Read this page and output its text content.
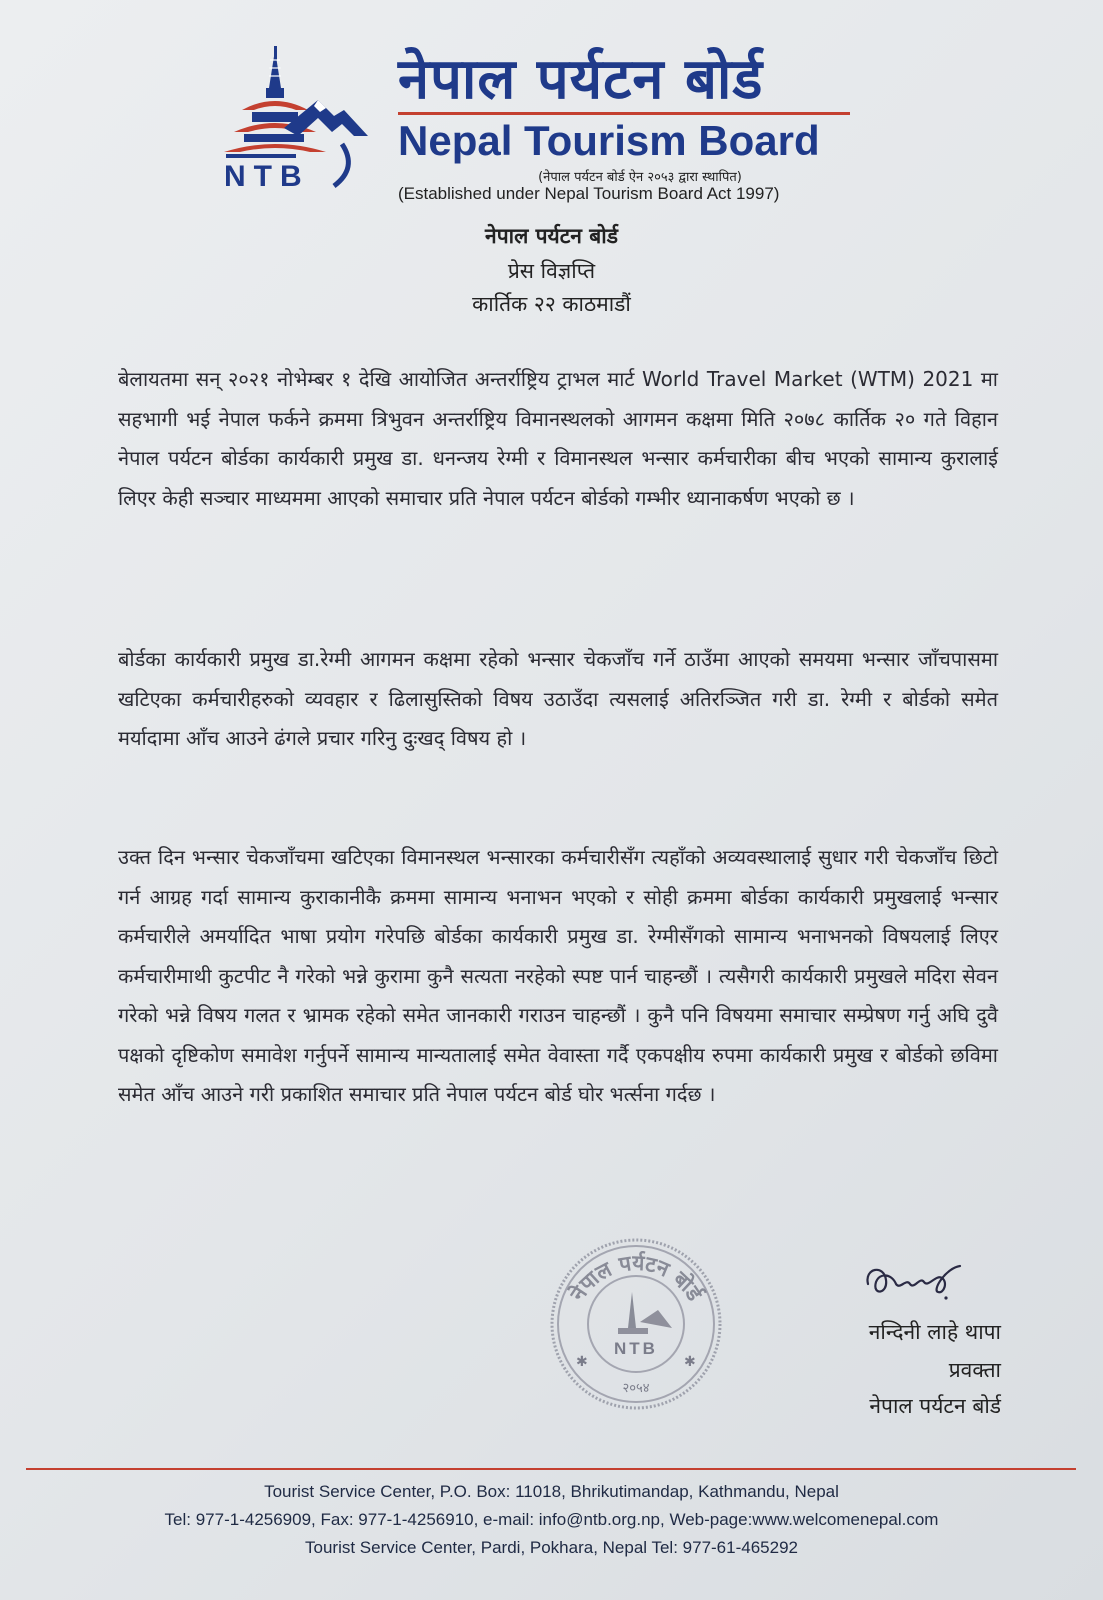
NTB
नेपाल पर्यटन बोर्ड
Nepal Tourism Board
(नेपाल पर्यटन बोर्ड ऐन २०५३ द्वारा स्थापित)
(Established under Nepal Tourism Board Act 1997)
नेपाल पर्यटन बोर्ड
प्रेस विज्ञप्ति
कार्तिक २२ काठमाडौं

बेलायतमा सन् २०२१ नोभेम्बर १ देखि आयोजित अन्तर्राष्ट्रिय ट्राभल मार्ट World Travel Market (WTM) 2021 मा सहभागी भई नेपाल फर्कने क्रममा त्रिभुवन अन्तर्राष्ट्रिय विमानस्थलको आगमन कक्षमा मिति २०७८ कार्तिक २० गते विहान नेपाल पर्यटन बोर्डका कार्यकारी प्रमुख डा. धनन्जय रेग्मी र विमानस्थल भन्सार कर्मचारीका बीच भएको सामान्य कुरालाई लिएर केही सञ्चार माध्यममा आएको समाचार प्रति नेपाल पर्यटन बोर्डको गम्भीर ध्यानाकर्षण भएको छ ।

बोर्डका कार्यकारी प्रमुख डा.रेग्मी आगमन कक्षमा रहेको भन्सार चेकजाँच गर्ने ठाउँमा आएको समयमा भन्सार जाँचपासमा खटिएका कर्मचारीहरुको व्यवहार र ढिलासुस्तिको विषय उठाउँदा त्यसलाई अतिरञ्जित गरी डा. रेग्मी र बोर्डको समेत मर्यादामा आँच आउने ढंगले प्रचार गरिनु दुःखद् विषय हो ।

उक्त दिन भन्सार चेकजाँचमा खटिएका विमानस्थल भन्सारका कर्मचारीसँग त्यहाँको अव्यवस्थालाई सुधार गरी चेकजाँच छिटो गर्न आग्रह गर्दा सामान्य कुराकानीकै क्रममा सामान्य भनाभन भएको र सोही क्रममा बोर्डका कार्यकारी प्रमुखलाई भन्सार कर्मचारीले अमर्यादित भाषा प्रयोग गरेपछि बोर्डका कार्यकारी प्रमुख डा. रेग्मीसँगको सामान्य भनाभनको विषयलाई लिएर कर्मचारीमाथी कुटपीट नै गरेको भन्ने कुरामा कुनै सत्यता नरहेको स्पष्ट पार्न चाहन्छौं । त्यसैगरी कार्यकारी प्रमुखले मदिरा सेवन गरेको भन्ने विषय गलत र भ्रामक रहेको समेत जानकारी गराउन चाहन्छौं । कुनै पनि विषयमा समाचार सम्प्रेषण गर्नु अघि दुवै पक्षको दृष्टिकोण समावेश गर्नुपर्ने सामान्य मान्यतालाई समेत वेवास्ता गर्दै एकपक्षीय रुपमा कार्यकारी प्रमुख र बोर्डको छविमा समेत आँच आउने गरी प्रकाशित समाचार प्रति नेपाल पर्यटन बोर्ड घोर भर्त्सना गर्दछ ।

नेपाल पर्यटन बोर्ड
✱	✱
NTB
२०५४
नन्दिनी लाहे थापा
प्रवक्ता
नेपाल पर्यटन बोर्ड
Tourist Service Center, P.O. Box: 11018, Bhrikutimandap, Kathmandu, Nepal
Tel: 977-1-4256909, Fax: 977-1-4256910, e-mail: info@ntb.org.np, Web-page:www.welcomenepal.com
Tourist Service Center, Pardi, Pokhara, Nepal Tel: 977-61-465292
